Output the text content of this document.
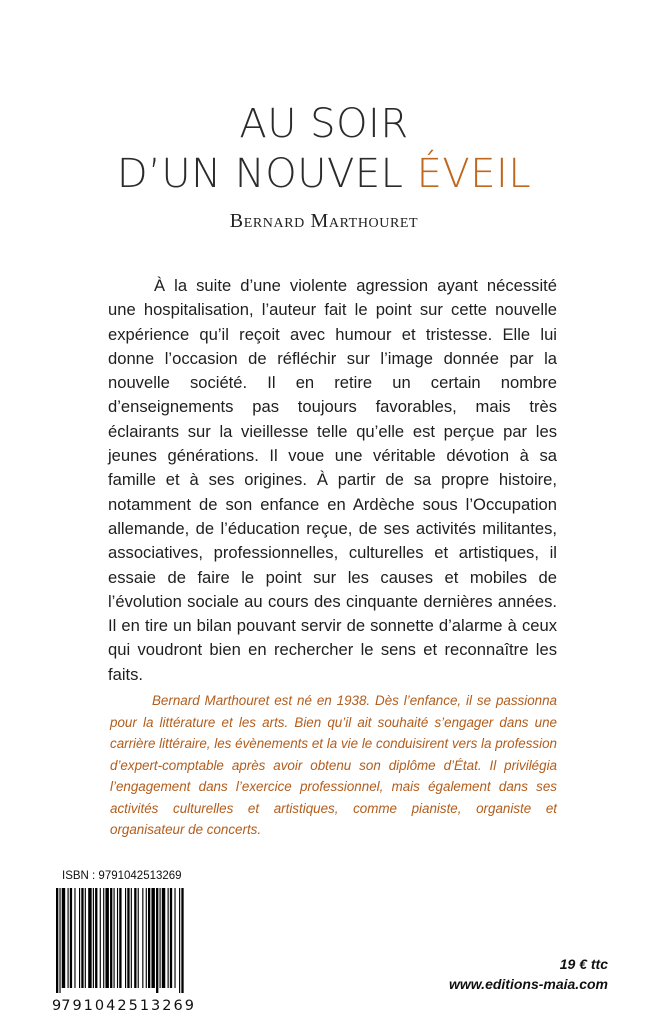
AU SOIR
D’UN NOUVEL ÉVEIL
Bernard Marthouret

À la suite d’une violente agression ayant nécessité une hospitalisation, l’auteur fait le point sur cette nouvelle expérience qu’il reçoit avec humour et tristesse. Elle lui donne l’occasion de réfléchir sur l’image donnée par la nouvelle société. Il en retire un certain nombre d’enseignements pas toujours favorables, mais très éclairants sur la vieillesse telle qu’elle est perçue par les jeunes générations. Il voue une véritable dévotion à sa famille et à ses origines. À partir de sa propre histoire, notamment de son enfance en Ardèche sous l’Occupation allemande, de l’éducation reçue, de ses activités militantes, associatives, professionnelles, culturelles et artistiques, il essaie de faire le point sur les causes et mobiles de l’évolution sociale au cours des cinquante dernières années. Il en tire un bilan pouvant servir de sonnette d’alarme à ceux qui voudront bien en rechercher le sens et reconnaître les faits.

Bernard Marthouret est né en 1938. Dès l’enfance, il se passionna pour la littérature et les arts. Bien qu’il ait souhaité s’engager dans une carrière littéraire, les évènements et la vie le conduisirent vers la profession d’expert-comptable après avoir obtenu son diplôme d’État. Il privilégia l’engagement dans l’exercice professionnel, mais également dans ses activités culturelles et artistiques, comme pianiste, organiste et organisateur de concerts.

ISBN : 9791042513269
9 791042 513269
19 € ttc
www.editions-maia.com
